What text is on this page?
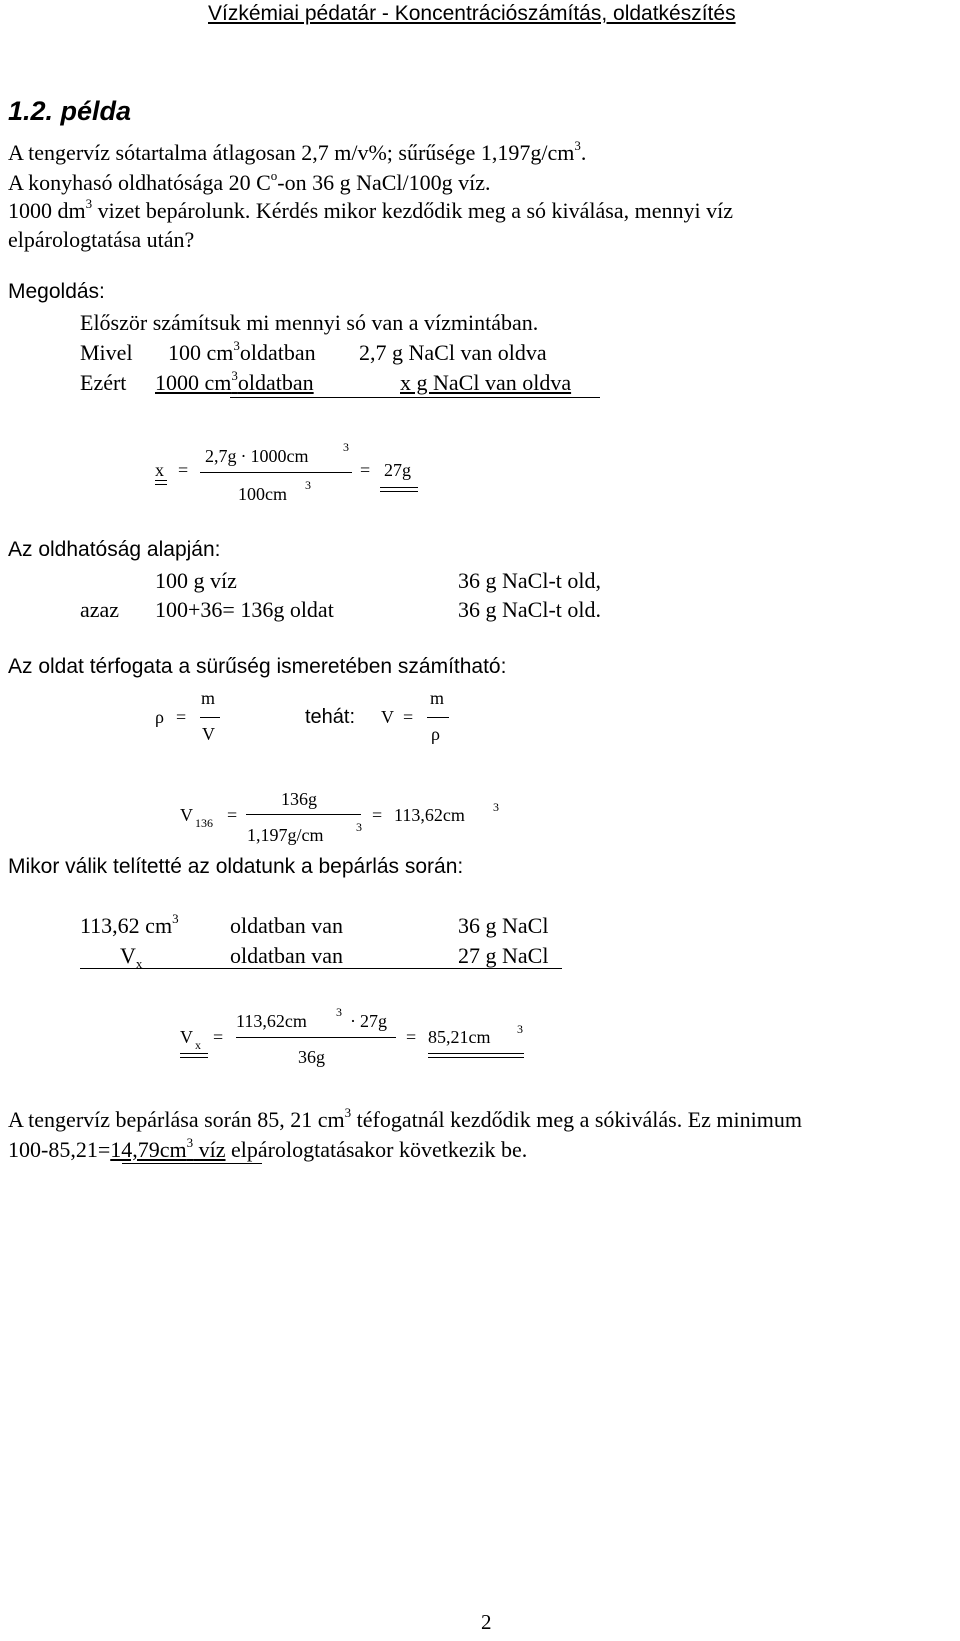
Vízkémiai pédatár - Koncentrációszámítás, oldatkészítés
1.2. példa
A tengervíz sótartalma átlagosan 2,7 m/v%; sűrűsége $1,197g/cm^3$.
A konyhasó oldhatósága 20 $C^o-on$ 36 g NaCl/100g víz.
1000 $dm^3$ vizet bepárolunk. Kérdés mikor kezdődik meg a só kiválása, mennyi víz
elpárologtatása után?
Megoldás:
Először számítsuk mi mennyi só van a vízmintában.
Mivel 100 $cm^3oldatban$ 2,7 g NaCl van oldva
Ezért 1000 $cm^3oldatban$	x g NaCl van oldva
x =
2,7g · 1000cm	3
100cm 3
= 27g
Az oldhatóság alapján:
100 g víz	36 g NaCl-t old,
azaz 100+36= 136g oldat	36 g NaCl-t old.
Az oldat térfogata a sürűség ismeretében számítható:
ρ =
m
V
tehát: V =
m
ρ
V $_{136}$ =
136g
1,197g/cm	3
= 113,62cm 3
Mikor válik telítetté az oldatunk a bepárlás során:
113,62 $cm^3$ oldatban van	36 g NaCl
$V_x$	oldatban van	27 g NaCl
V $_x$ =
113,62cm 3 · 27g
36g
= 85,21cm 3
A tengervíz bepárlása során 85, 21 $cm^3$ téfogatnál kezdődik meg a sókiválás. Ez minimum
$100-85,21=14,79cm^3$ víz elpárologtatásakor következik be.
2
